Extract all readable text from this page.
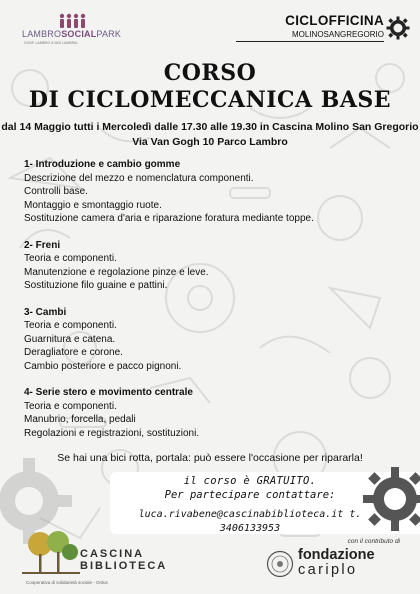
LAMBROSOCIALPARK
CONF. LAMBRO & MOI LAMBRAI
CICLOFFICINA
MOLINOSANGREGORIO
CORSO
DI CICLOMECCANICA BASE
dal 14 Maggio tutti i Mercoledì dalle 17.30 alle 19.30 in Cascina Molino San Gregorio
Via Van Gogh 10 Parco Lambro
1- Introduzione e cambio gomme
Descrizione del mezzo e nomenclatura componenti.
Controlli base.
Montaggio e smontaggio ruote.
Sostituzione camera d'aria e riparazione foratura mediante toppe.
2- Freni
Teoria e componenti.
Manutenzione e regolazione pinze e leve.
Sostituzione filo guaine e pattini.
3- Cambi
Teoria e componenti.
Guarnitura e catena.
Deragliatore e corone.
Cambio posteriore e pacco pignoni.
4- Serie stero e movimento centrale
Teoria e componenti.
Manubrio, forcella, pedali
Regolazioni e registrazioni, sostituzioni.
Se hai una bici rotta, portala: può essere l'occasione per ripararla!
il corso è GRATUITO.
Per partecipare contattare:
luca.rivabene@cascinabiblioteca.it t. 3406133953
CASCINA
BIBLIOTECA
Cooperativa di solidarietà sociale - Onlus
con il contributo di
fondazione
cariplo
